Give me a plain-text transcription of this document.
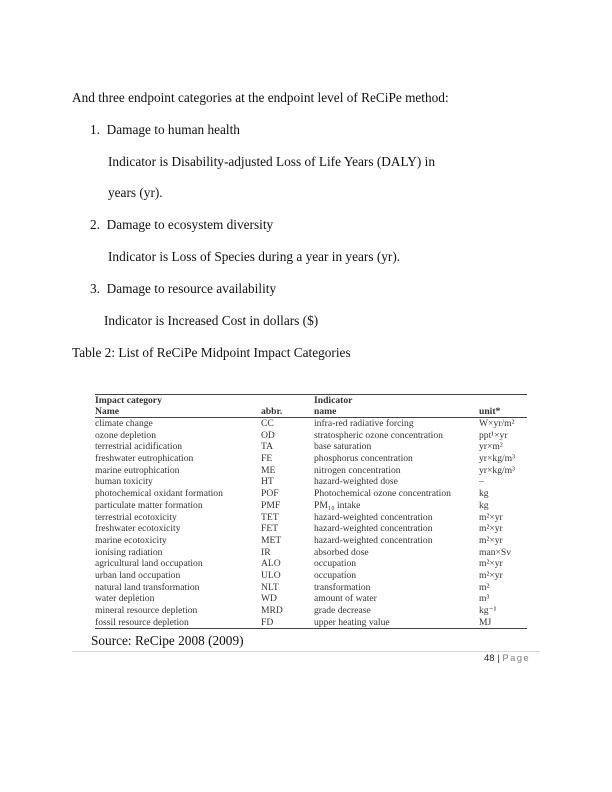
And three endpoint categories at the endpoint level of ReCiPe method:
1. Damage to human health
Indicator is Disability-adjusted Loss of Life Years (DALY) in
years (yr).
2. Damage to ecosystem diversity
Indicator is Loss of Species during a year in years (yr).
3. Damage to resource availability
Indicator is Increased Cost in dollars ($)
Table 2: List of ReCiPe Midpoint Impact Categories
Impact category		Indicator	
Name	abbr.	name	unit*
climate change	CC	infra-red radiative forcing	W×yr/m²
ozone depletion	OD	stratospheric ozone concentration	ppt¹×yr
terrestrial acidification	TA	base saturation	yr×m²
freshwater eutrophication	FE	phosphorus concentration	yr×kg/m³
marine eutrophication	ME	nitrogen concentration	yr×kg/m³
human toxicity	HT	hazard-weighted dose	–
photochemical oxidant formation	POF	Photochemical ozone concentration	kg
particulate matter formation	PMF	PM₁₀ intake	kg
terrestrial ecotoxicity	TET	hazard-weighted concentration	m²×yr
freshwater ecotoxicity	FET	hazard-weighted concentration	m²×yr
marine ecotoxicity	MET	hazard-weighted concentration	m²×yr
ionising radiation	IR	absorbed dose	man×Sv
agricultural land occupation	ALO	occupation	m²×yr
urban land occupation	ULO	occupation	m²×yr
natural land transformation	NLT	transformation	m²
water depletion	WD	amount of water	m³
mineral resource depletion	MRD	grade decrease	kg⁻¹
fossil resource depletion	FD	upper heating value	MJ
Source: ReCipe 2008 (2009)
48 | Page
